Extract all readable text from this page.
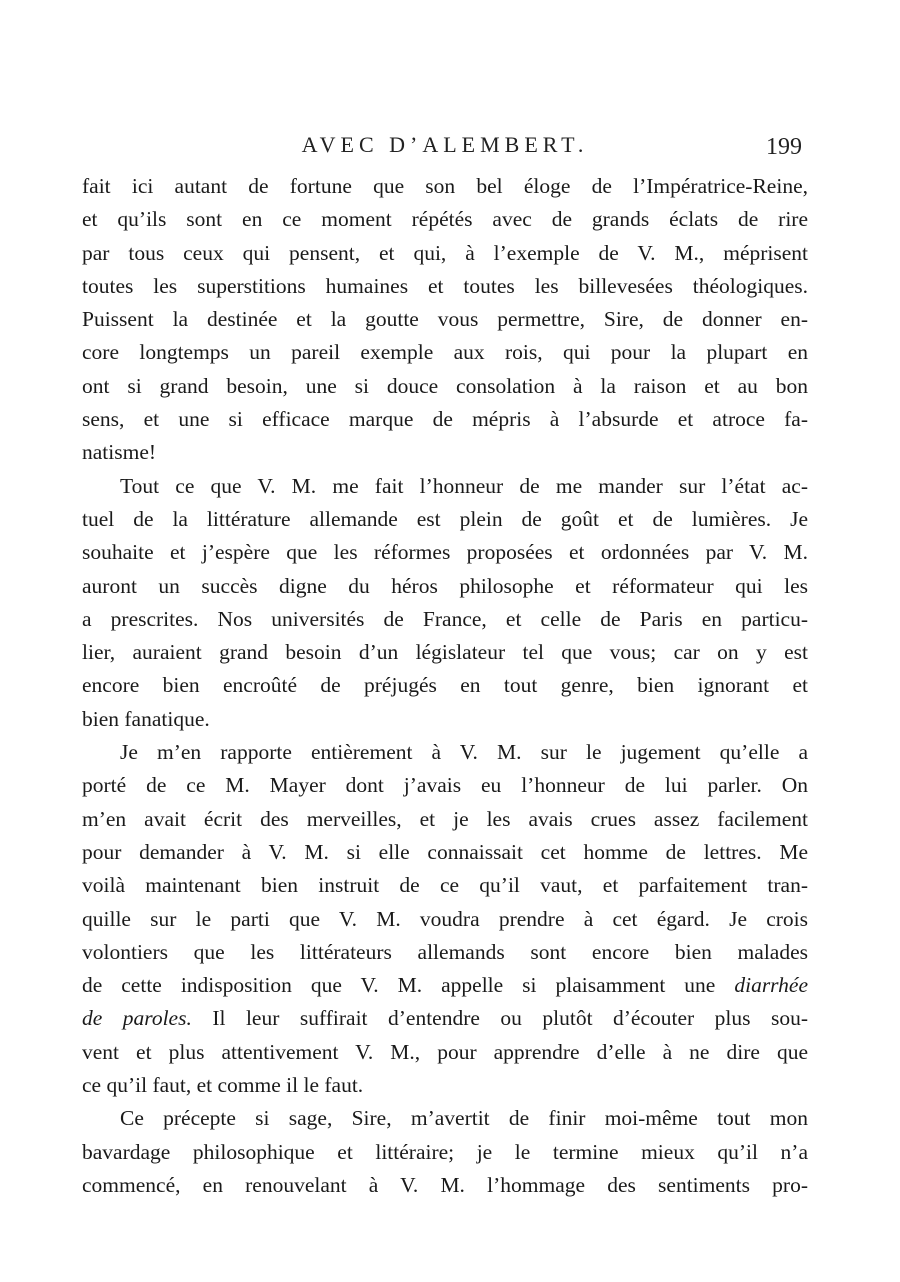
AVEC D’ALEMBERT.	199
fait ici autant de fortune que son bel éloge de l’Impératrice-Reine,
et qu’ils sont en ce moment répétés avec de grands éclats de rire
par tous ceux qui pensent, et qui, à l’exemple de V. M., méprisent
toutes les superstitions humaines et toutes les billevesées théologiques.
Puissent la destinée et la goutte vous permettre, Sire, de donner en-
core longtemps un pareil exemple aux rois, qui pour la plupart en
ont si grand besoin, une si douce consolation à la raison et au bon
sens, et une si efficace marque de mépris à l’absurde et atroce fa-
natisme!
Tout ce que V. M. me fait l’honneur de me mander sur l’état ac-
tuel de la littérature allemande est plein de goût et de lumières. Je
souhaite et j’espère que les réformes proposées et ordonnées par V. M.
auront un succès digne du héros philosophe et réformateur qui les
a prescrites. Nos universités de France, et celle de Paris en particu-
lier, auraient grand besoin d’un législateur tel que vous; car on y est
encore bien encroûté de préjugés en tout genre, bien ignorant et
bien fanatique.
Je m’en rapporte entièrement à V. M. sur le jugement qu’elle a
porté de ce M. Mayer dont j’avais eu l’honneur de lui parler. On
m’en avait écrit des merveilles, et je les avais crues assez facilement
pour demander à V. M. si elle connaissait cet homme de lettres. Me
voilà maintenant bien instruit de ce qu’il vaut, et parfaitement tran-
quille sur le parti que V. M. voudra prendre à cet égard. Je crois
volontiers que les littérateurs allemands sont encore bien malades
de cette indisposition que V. M. appelle si plaisamment une diarrhée
de paroles. Il leur suffirait d’entendre ou plutôt d’écouter plus sou-
vent et plus attentivement V. M., pour apprendre d’elle à ne dire que
ce qu’il faut, et comme il le faut.
Ce précepte si sage, Sire, m’avertit de finir moi-même tout mon
bavardage philosophique et littéraire; je le termine mieux qu’il n’a
commencé, en renouvelant à V. M. l’hommage des sentiments pro-
